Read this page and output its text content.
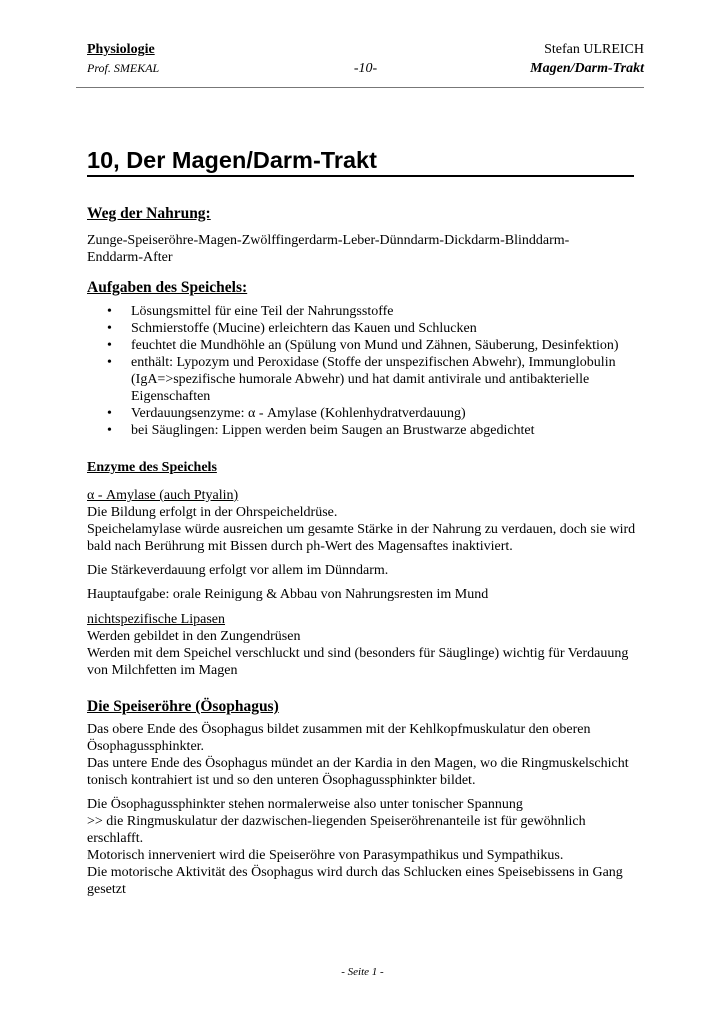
Physiologie	Stefan ULREICH
Prof. SMEKAL	-10-	Magen/Darm-Trakt
10, Der Magen/Darm-Trakt

Weg der Nahrung:

Zunge-Speiseröhre-Magen-Zwölffingerdarm-Leber-Dünndarm-Dickdarm-Blinddarm-

Enddarm-After

Aufgaben des Speichels:

• Lösungsmittel für eine Teil der Nahrungsstoffe
• Schmierstoffe (Mucine) erleichtern das Kauen und Schlucken
• feuchtet die Mundhöhle an (Spülung von Mund und Zähnen, Säuberung, Desinfektion)
• enthält: Lypozym und Peroxidase (Stoffe der unspezifischen Abwehr), Immunglobulin (IgA=>spezifische humorale Abwehr) und hat damit antivirale und antibakterielle Eigenschaften
• Verdauungsenzyme: α - Amylase (Kohlenhydratverdauung)
• bei Säuglingen: Lippen werden beim Saugen an Brustwarze abgedichtet

Enzyme des Speichels

α - Amylase (auch Ptyalin)

Die Bildung erfolgt in der Ohrspeicheldrüse.

Speichelamylase würde ausreichen um gesamte Stärke in der Nahrung zu verdauen, doch sie wird bald nach Berührung mit Bissen durch ph-Wert des Magensaftes inaktiviert.

Die Stärkeverdauung erfolgt vor allem im Dünndarm.

Hauptaufgabe: orale Reinigung & Abbau von Nahrungsresten im Mund

nichtspezifische Lipasen

Werden gebildet in den Zungendrüsen

Werden mit dem Speichel verschluckt und sind (besonders für Säuglinge) wichtig für Verdauung von Milchfetten im Magen

Die Speiseröhre (Ösophagus)

Das obere Ende des Ösophagus bildet zusammen mit der Kehlkopfmuskulatur den oberen Ösophagussphinkter.

Das untere Ende des Ösophagus mündet an der Kardia in den Magen, wo die Ringmuskelschicht tonisch kontrahiert ist und so den unteren Ösophagussphinkter bildet.

Die Ösophagussphinkter stehen normalerweise also unter tonischer Spannung

>> die Ringmuskulatur der dazwischen-liegenden Speiseröhrenanteile ist für gewöhnlich erschlafft.

Motorisch innerveniert wird die Speiseröhre von Parasympathikus und Sympathikus.

Die motorische Aktivität des Ösophagus wird durch das Schlucken eines Speisebissens in Gang gesetzt

- Seite 1 -
